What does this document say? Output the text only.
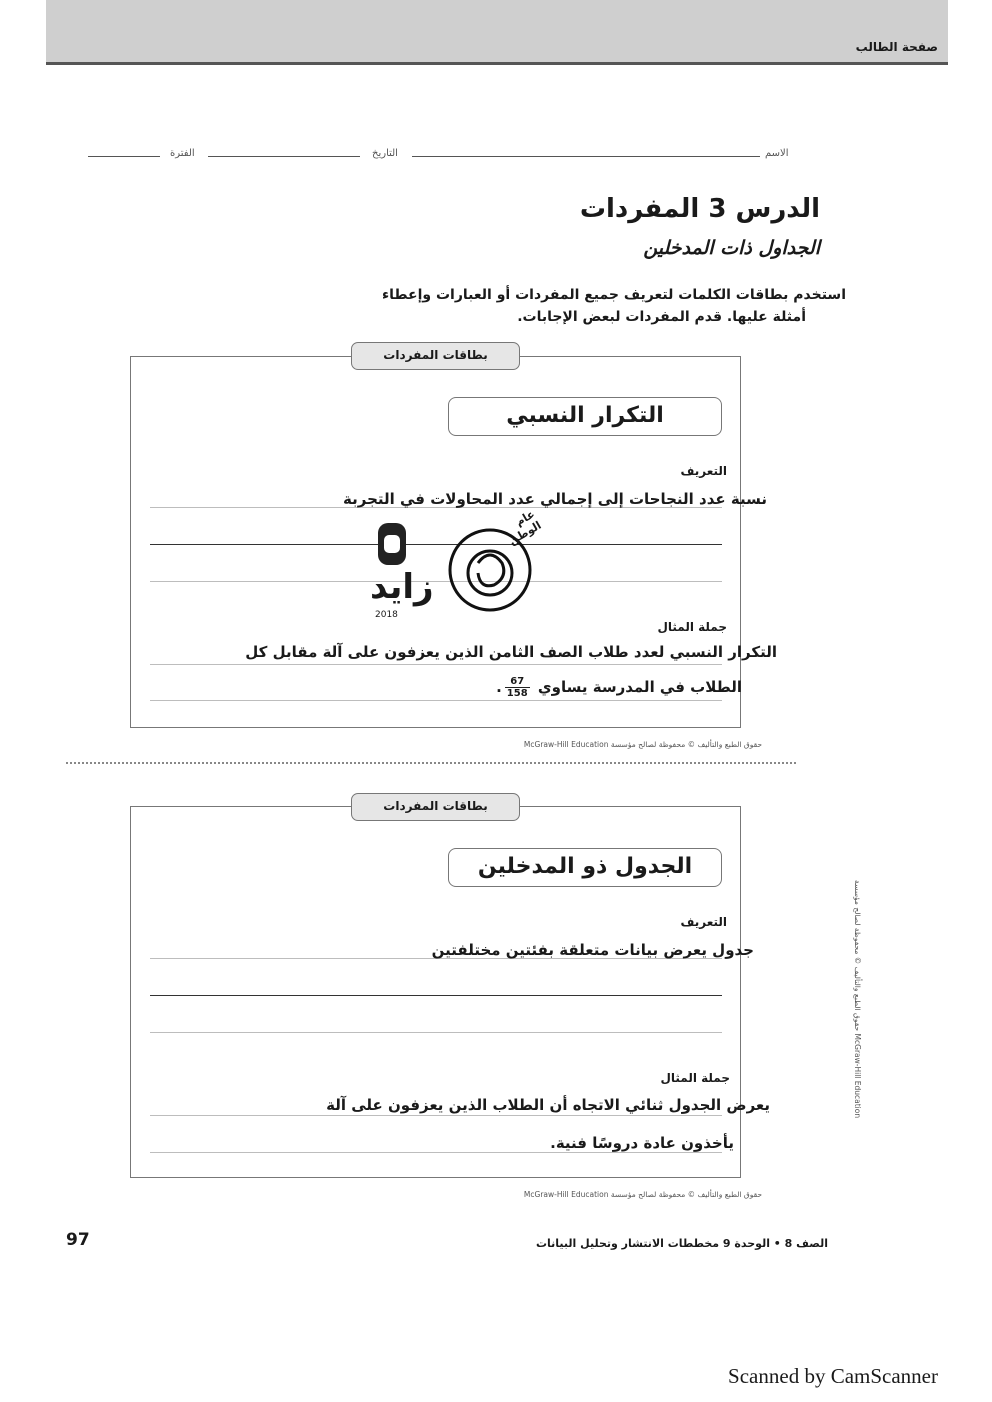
صفحة الطالب
الاسم
التاريخ
الفترة
الدرس 3 المفردات
الجداول ذات المدخلين
استخدم بطاقات الكلمات لتعريف جميع المفردات أو العبارات وإعطاء
أمثلة عليها. قدم المفردات لبعض الإجابات.
بطاقات المفردات
التكرار النسبي
التعريف
نسبة عدد النجاحات إلى إجمالي عدد المحاولات في التجربة
جملة المثال
التكرار النسبي لعدد طلاب الصف الثامن الذين يعزفون على آلة مقابل كل
الطلاب في المدرسة يساوي
$\frac{67}{158}$
.
حقوق الطبع والتأليف © محفوظة لصالح مؤسسة McGraw-Hill Education
زايد
2018
عام الوطن
بطاقات المفردات
الجدول ذو المدخلين
التعريف
جدول يعرض بيانات متعلقة بفئتين مختلفتين
جملة المثال
يعرض الجدول ثنائي الاتجاه أن الطلاب الذين يعزفون على آلة
يأخذون عادة دروسًا فنية.
حقوق الطبع والتأليف © محفوظة لصالح مؤسسة McGraw-Hill Education
حقوق الطبع والتأليف © محفوظة لصالح مؤسسة McGraw-Hill Education
97	الصف 8 • الوحدة 9 مخططات الانتشار وتحليل البيانات
Scanned by CamScanner
